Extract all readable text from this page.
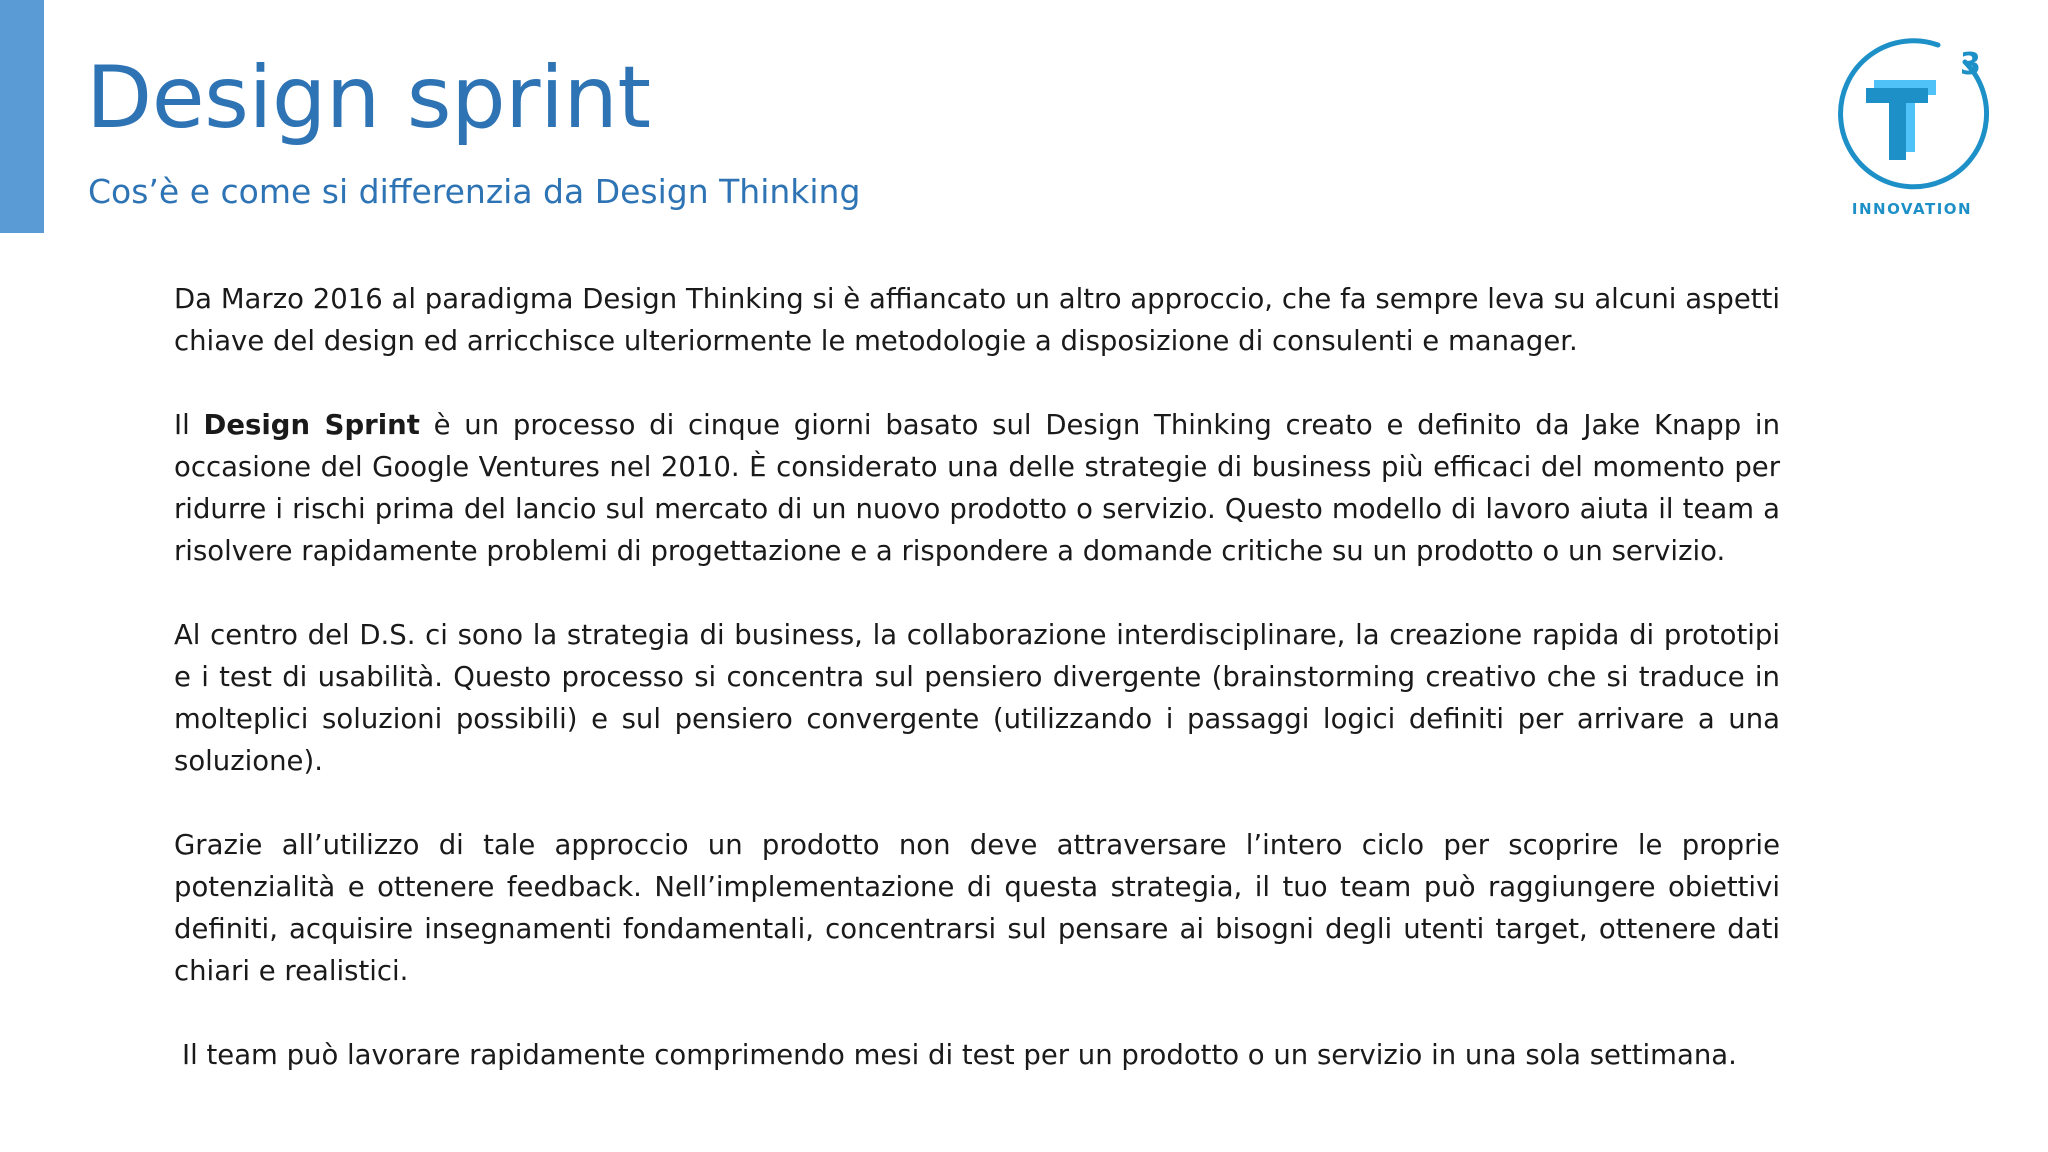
Design sprint
Cos’è e come si differenzia da Design Thinking
3
INNOVATION

Da Marzo 2016 al paradigma Design Thinking si è affiancato un altro approccio, che fa sempre leva su alcuni aspetti chiave del design ed arricchisce ulteriormente le metodologie a disposizione di consulenti e manager.

Il Design Sprint è un processo di cinque giorni basato sul Design Thinking creato e definito da Jake Knapp in occasione del Google Ventures nel 2010. È considerato una delle strategie di business più efficaci del momento per ridurre i rischi prima del lancio sul mercato di un nuovo prodotto o servizio. Questo modello di lavoro aiuta il team a risolvere rapidamente problemi di progettazione e a rispondere a domande critiche su un prodotto o un servizio.

Al centro del D.S. ci sono la strategia di business, la collaborazione interdisciplinare, la creazione rapida di prototipi e i test di usabilità. Questo processo si concentra sul pensiero divergente (brainstorming creativo che si traduce in molteplici soluzioni possibili) e sul pensiero convergente (utilizzando i passaggi logici definiti per arrivare a una soluzione).

Grazie all’utilizzo di tale approccio un prodotto non deve attraversare l’intero ciclo per scoprire le proprie potenzialità e ottenere feedback. Nell’implementazione di questa strategia, il tuo team può raggiungere obiettivi definiti, acquisire insegnamenti fondamentali, concentrarsi sul pensare ai bisogni degli utenti target, ottenere dati chiari e realistici.

Il team può lavorare rapidamente comprimendo mesi di test per un prodotto o un servizio in una sola settimana.
